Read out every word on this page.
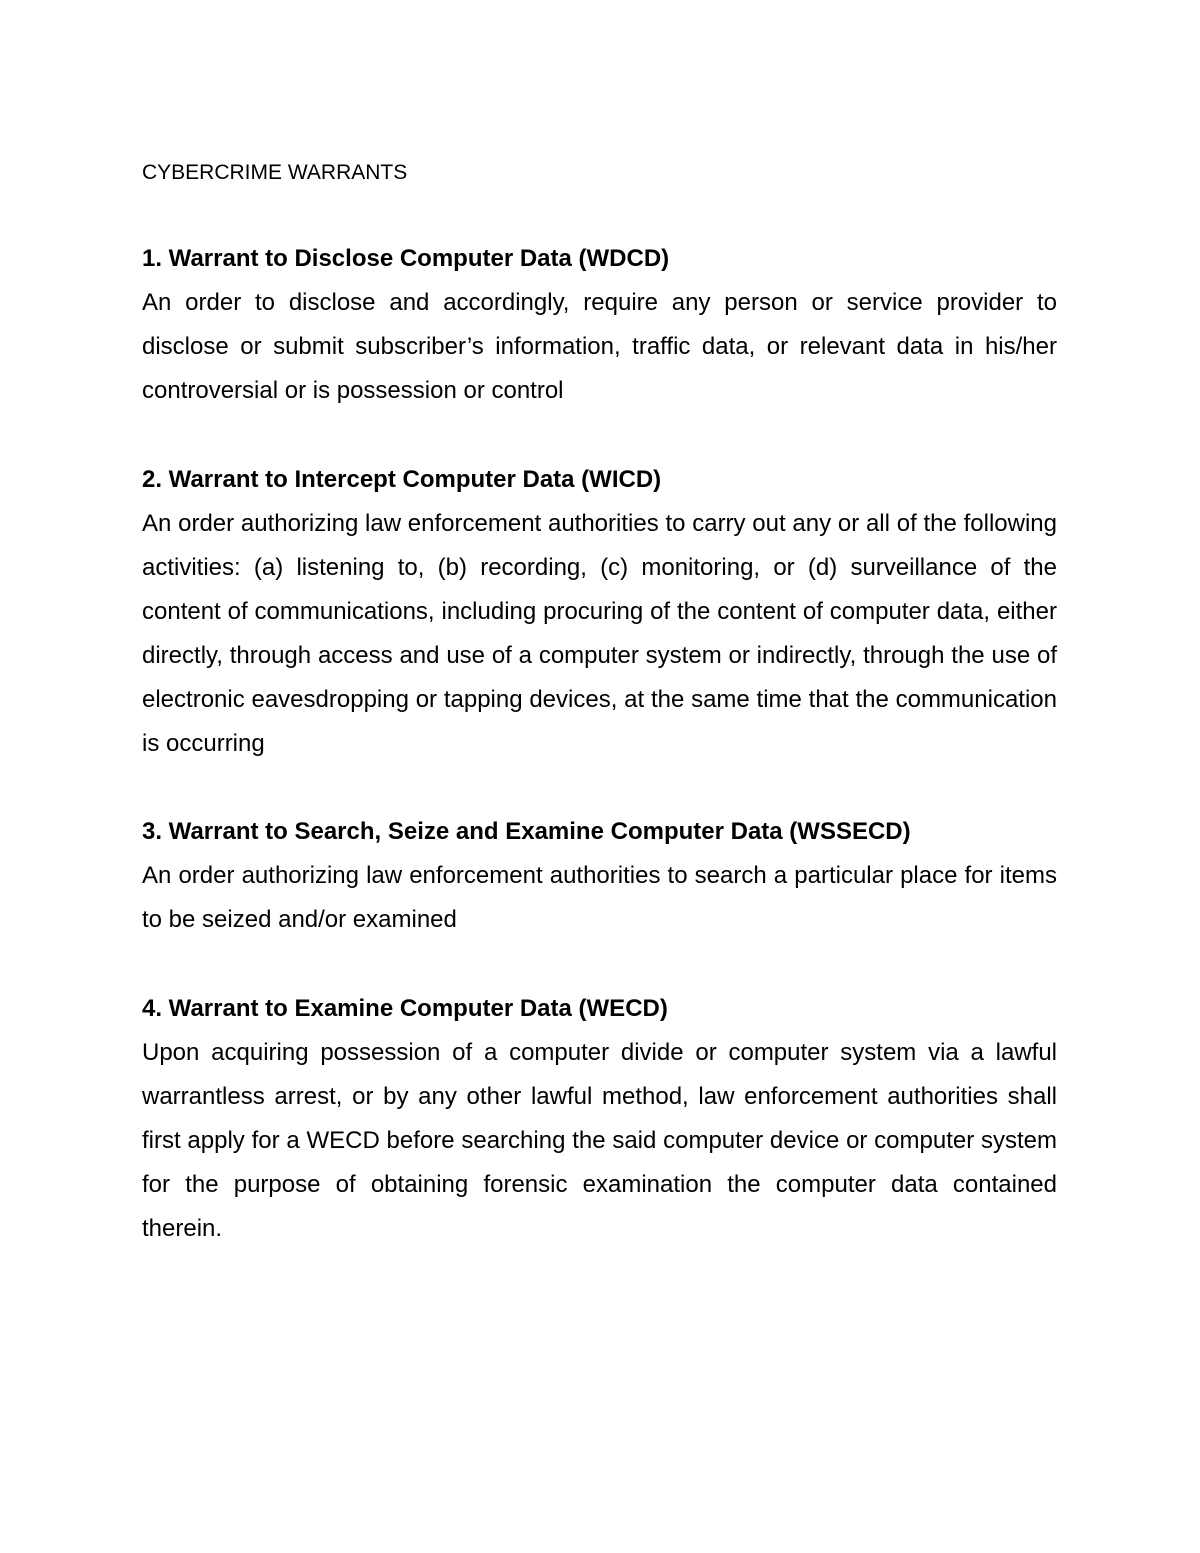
CYBERCRIME WARRANTS

1. Warrant to Disclose Computer Data (WDCD)

An order to disclose and accordingly, require any person or service provider to disclose or submit subscriber’s information, traffic data, or relevant data in his/her controversial or is possession or control

2. Warrant to Intercept Computer Data (WICD)

An order authorizing law enforcement authorities to carry out any or all of the following activities: (a) listening to, (b) recording, (c) monitoring, or (d) surveillance of the content of communications, including procuring of the content of computer data, either directly, through access and use of a computer system or indirectly, through the use of electronic eavesdropping or tapping devices, at the same time that the communication is occurring

3. Warrant to Search, Seize and Examine Computer Data (WSSECD)

An order authorizing law enforcement authorities to search a particular place for items to be seized and/or examined

4. Warrant to Examine Computer Data (WECD)

Upon acquiring possession of a computer divide or computer system via a lawful warrantless arrest, or by any other lawful method, law enforcement authorities shall first apply for a WECD before searching the said computer device or computer system for the purpose of obtaining forensic examination the computer data contained therein.
